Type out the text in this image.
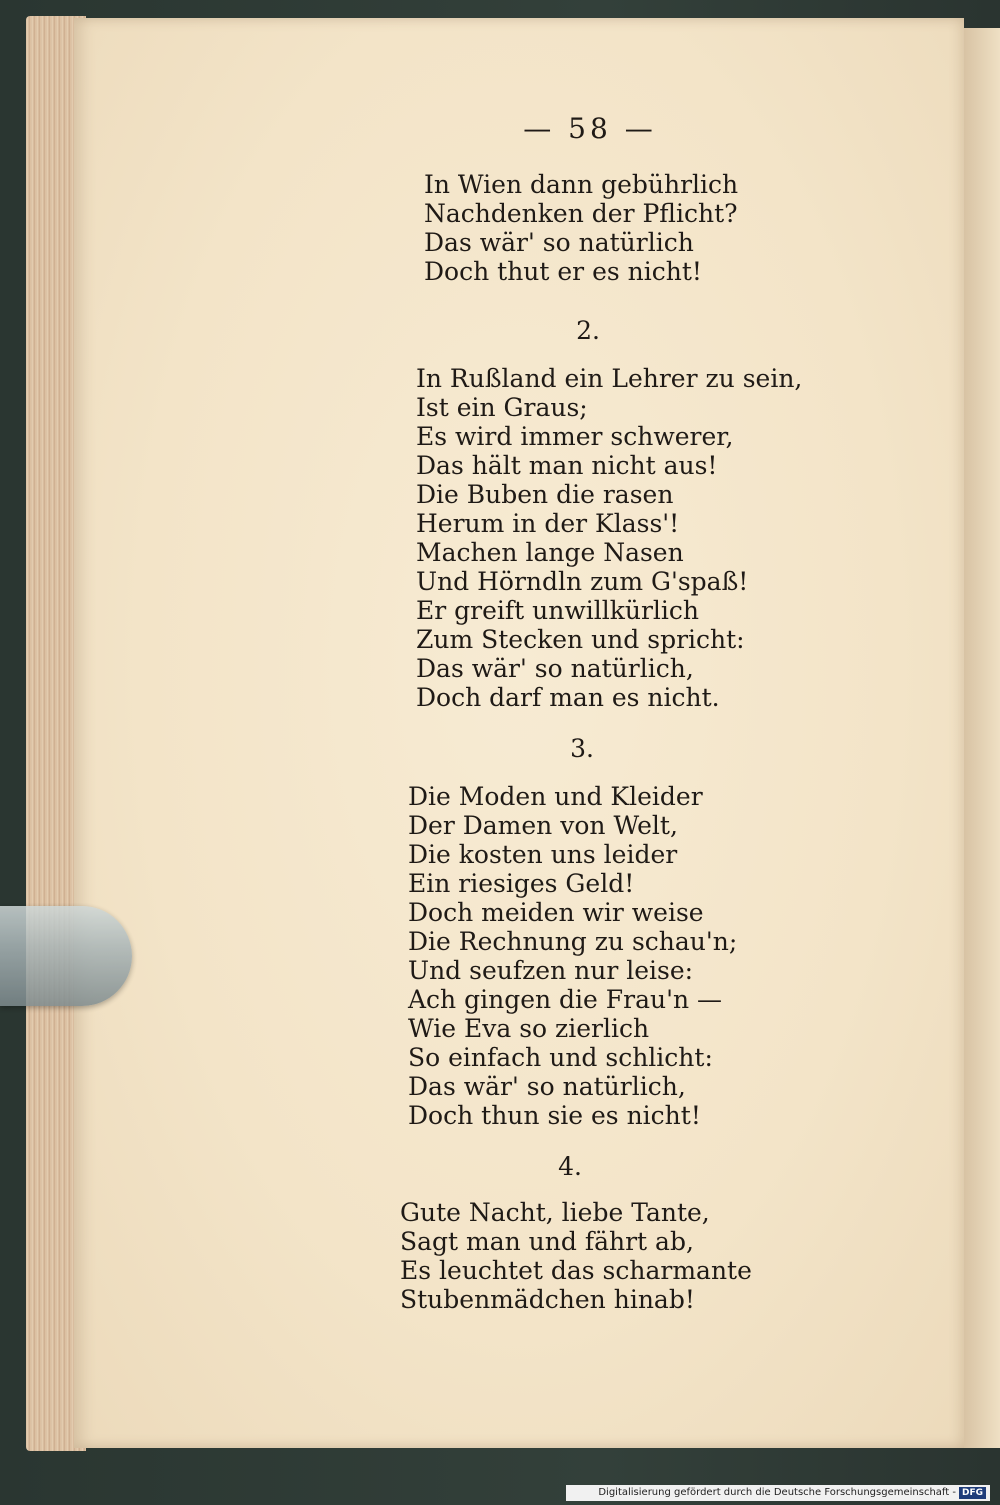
— 58 —
In Wien dann gebührlich
Nachdenken der Pflicht?
Das wär' so natürlich
Doch thut er es nicht!
2.
In Rußland ein Lehrer zu sein,
Ist ein Graus;
Es wird immer schwerer,
Das hält man nicht aus!
Die Buben die rasen
Herum in der Klass'!
Machen lange Nasen
Und Hörndln zum G'spaß!
Er greift unwillkürlich
Zum Stecken und spricht:
Das wär' so natürlich,
Doch darf man es nicht.
3.
Die Moden und Kleider
Der Damen von Welt,
Die kosten uns leider
Ein riesiges Geld!
Doch meiden wir weise
Die Rechnung zu schau'n;
Und seufzen nur leise:
Ach gingen die Frau'n —
Wie Eva so zierlich
So einfach und schlicht:
Das wär' so natürlich,
Doch thun sie es nicht!
4.
Gute Nacht, liebe Tante,
Sagt man und fährt ab,
Es leuchtet das scharmante
Stubenmädchen hinab!
Digitalisierung gefördert durch die Deutsche Forschungsgemeinschaft - DFG
